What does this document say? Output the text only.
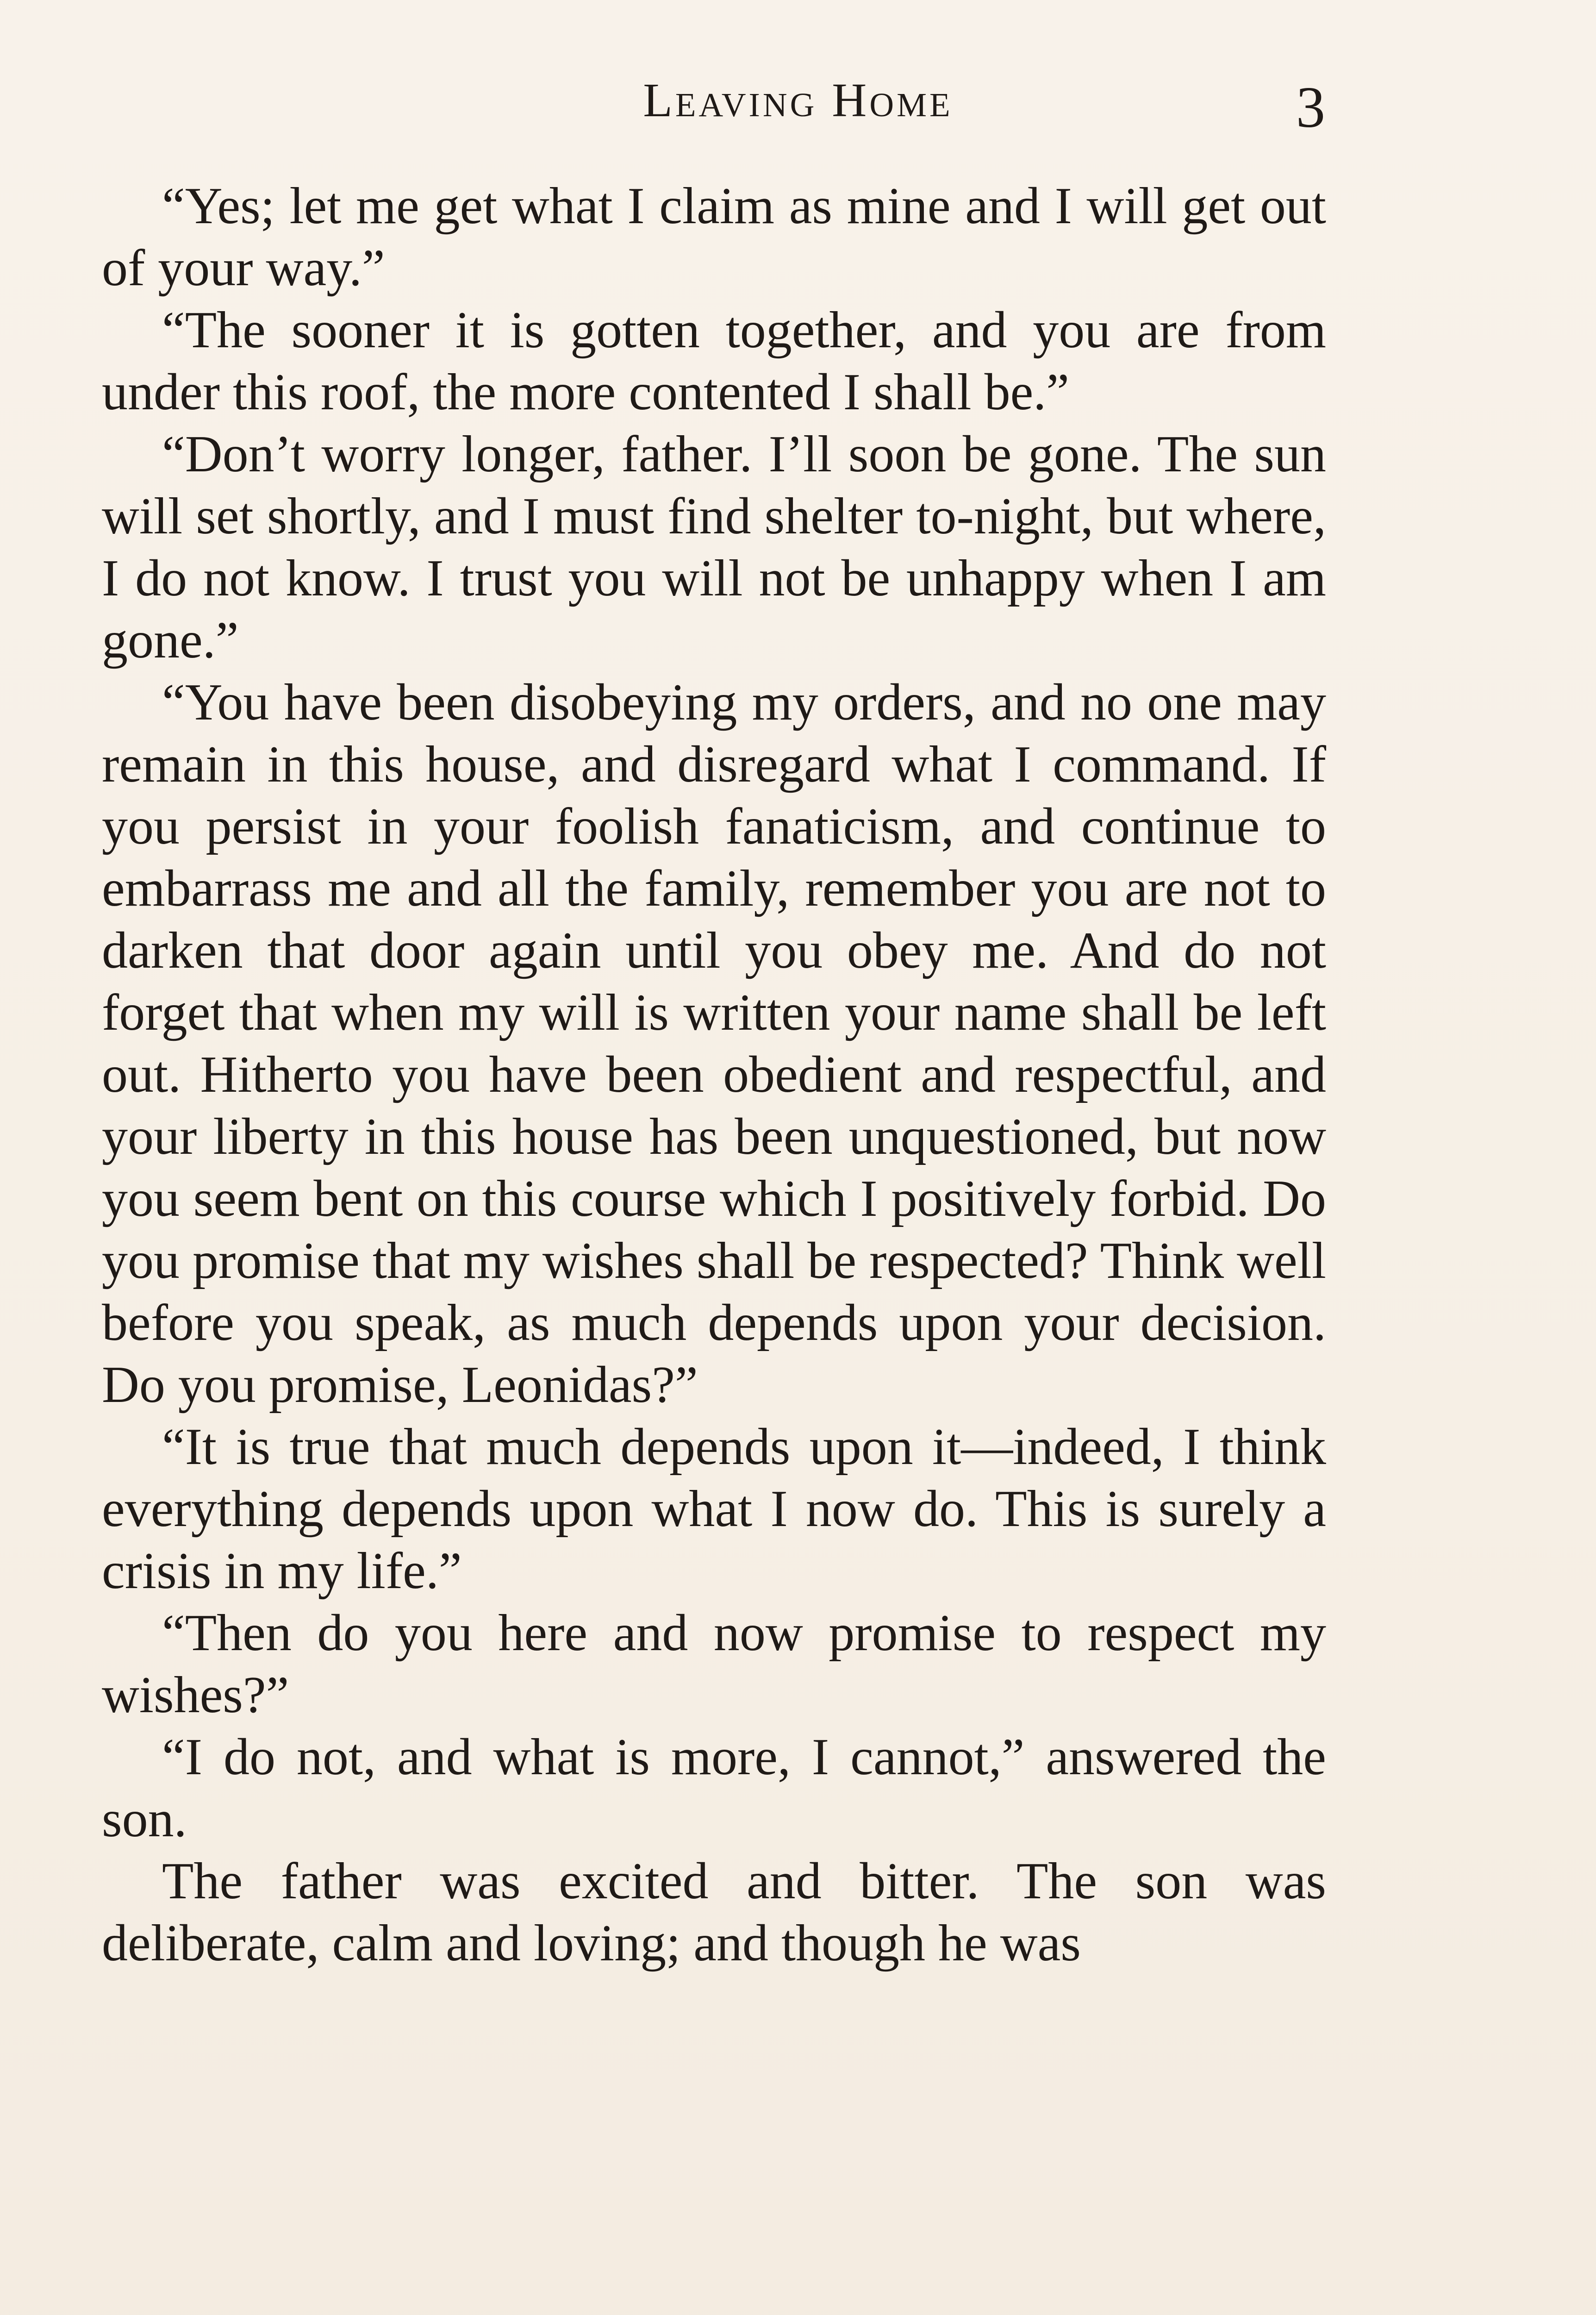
Leaving Home	3

“Yes; let me get what I claim as mine and I will get out of your way.”

“The sooner it is gotten together, and you are from under this roof, the more contented I shall be.”

“Don’t worry longer, father. I’ll soon be gone. The sun will set shortly, and I must find shelter to-night, but where, I do not know. I trust you will not be unhappy when I am gone.”

“You have been disobeying my orders, and no one may remain in this house, and disregard what I command. If you persist in your foolish fanaticism, and continue to embarrass me and all the family, remember you are not to darken that door again until you obey me. And do not forget that when my will is written your name shall be left out. Hitherto you have been obedient and respectful, and your liberty in this house has been unquestioned, but now you seem bent on this course which I positively forbid. Do you promise that my wishes shall be respected? Think well before you speak, as much depends upon your decision. Do you promise, Leonidas?”

“It is true that much depends upon it—indeed, I think everything depends upon what I now do. This is surely a crisis in my life.”

“Then do you here and now promise to respect my wishes?”

“I do not, and what is more, I cannot,” answered the son.

The father was excited and bitter. The son was deliberate, calm and loving; and though he was
